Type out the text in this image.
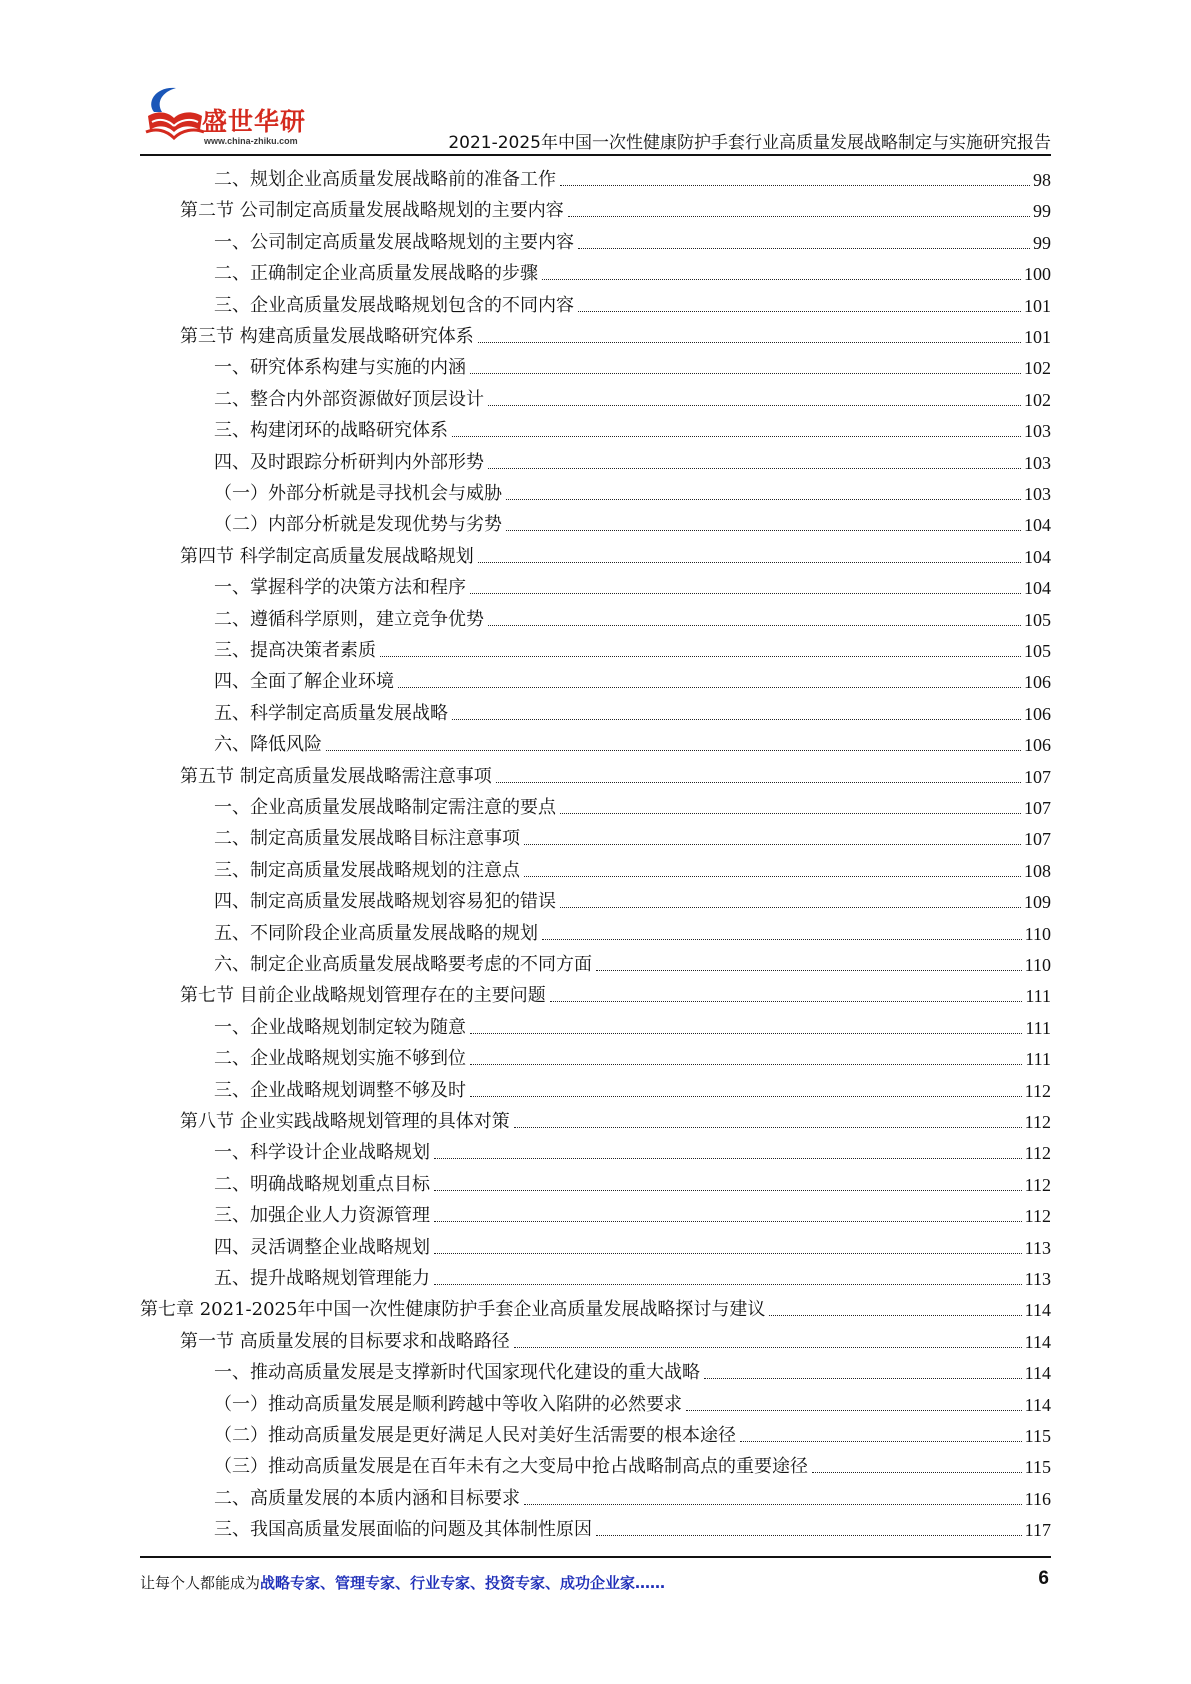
盛世华研
www.china-zhiku.com	2021-2025年中国一次性健康防护手套行业高质量发展战略制定与实施研究报告
二、规划企业高质量发展战略前的准备工作	98
第二节 公司制定高质量发展战略规划的主要内容	99
一、公司制定高质量发展战略规划的主要内容	99
二、正确制定企业高质量发展战略的步骤	100
三、企业高质量发展战略规划包含的不同内容	101
第三节 构建高质量发展战略研究体系	101
一、研究体系构建与实施的内涵	102
二、整合内外部资源做好顶层设计	102
三、构建闭环的战略研究体系	103
四、及时跟踪分析研判内外部形势	103
（一）外部分析就是寻找机会与威胁	103
（二）内部分析就是发现优势与劣势	104
第四节 科学制定高质量发展战略规划	104
一、掌握科学的决策方法和程序	104
二、遵循科学原则，建立竞争优势	105
三、提高决策者素质	105
四、全面了解企业环境	106
五、科学制定高质量发展战略	106
六、降低风险	106
第五节 制定高质量发展战略需注意事项	107
一、企业高质量发展战略制定需注意的要点	107
二、制定高质量发展战略目标注意事项	107
三、制定高质量发展战略规划的注意点	108
四、制定高质量发展战略规划容易犯的错误	109
五、不同阶段企业高质量发展战略的规划	110
六、制定企业高质量发展战略要考虑的不同方面	110
第七节 目前企业战略规划管理存在的主要问题	111
一、企业战略规划制定较为随意	111
二、企业战略规划实施不够到位	111
三、企业战略规划调整不够及时	112
第八节 企业实践战略规划管理的具体对策	112
一、科学设计企业战略规划	112
二、明确战略规划重点目标	112
三、加强企业人力资源管理	112
四、灵活调整企业战略规划	113
五、提升战略规划管理能力	113
第七章 2021-2025年中国一次性健康防护手套企业高质量发展战略探讨与建议	114
第一节 高质量发展的目标要求和战略路径	114
一、推动高质量发展是支撑新时代国家现代化建设的重大战略	114
（一）推动高质量发展是顺利跨越中等收入陷阱的必然要求	114
（二）推动高质量发展是更好满足人民对美好生活需要的根本途径	115
（三）推动高质量发展是在百年未有之大变局中抢占战略制高点的重要途径	115
二、高质量发展的本质内涵和目标要求	116
三、我国高质量发展面临的问题及其体制性原因	117
让每个人都能成为战略专家、管理专家、行业专家、投资专家、成功企业家……	6
